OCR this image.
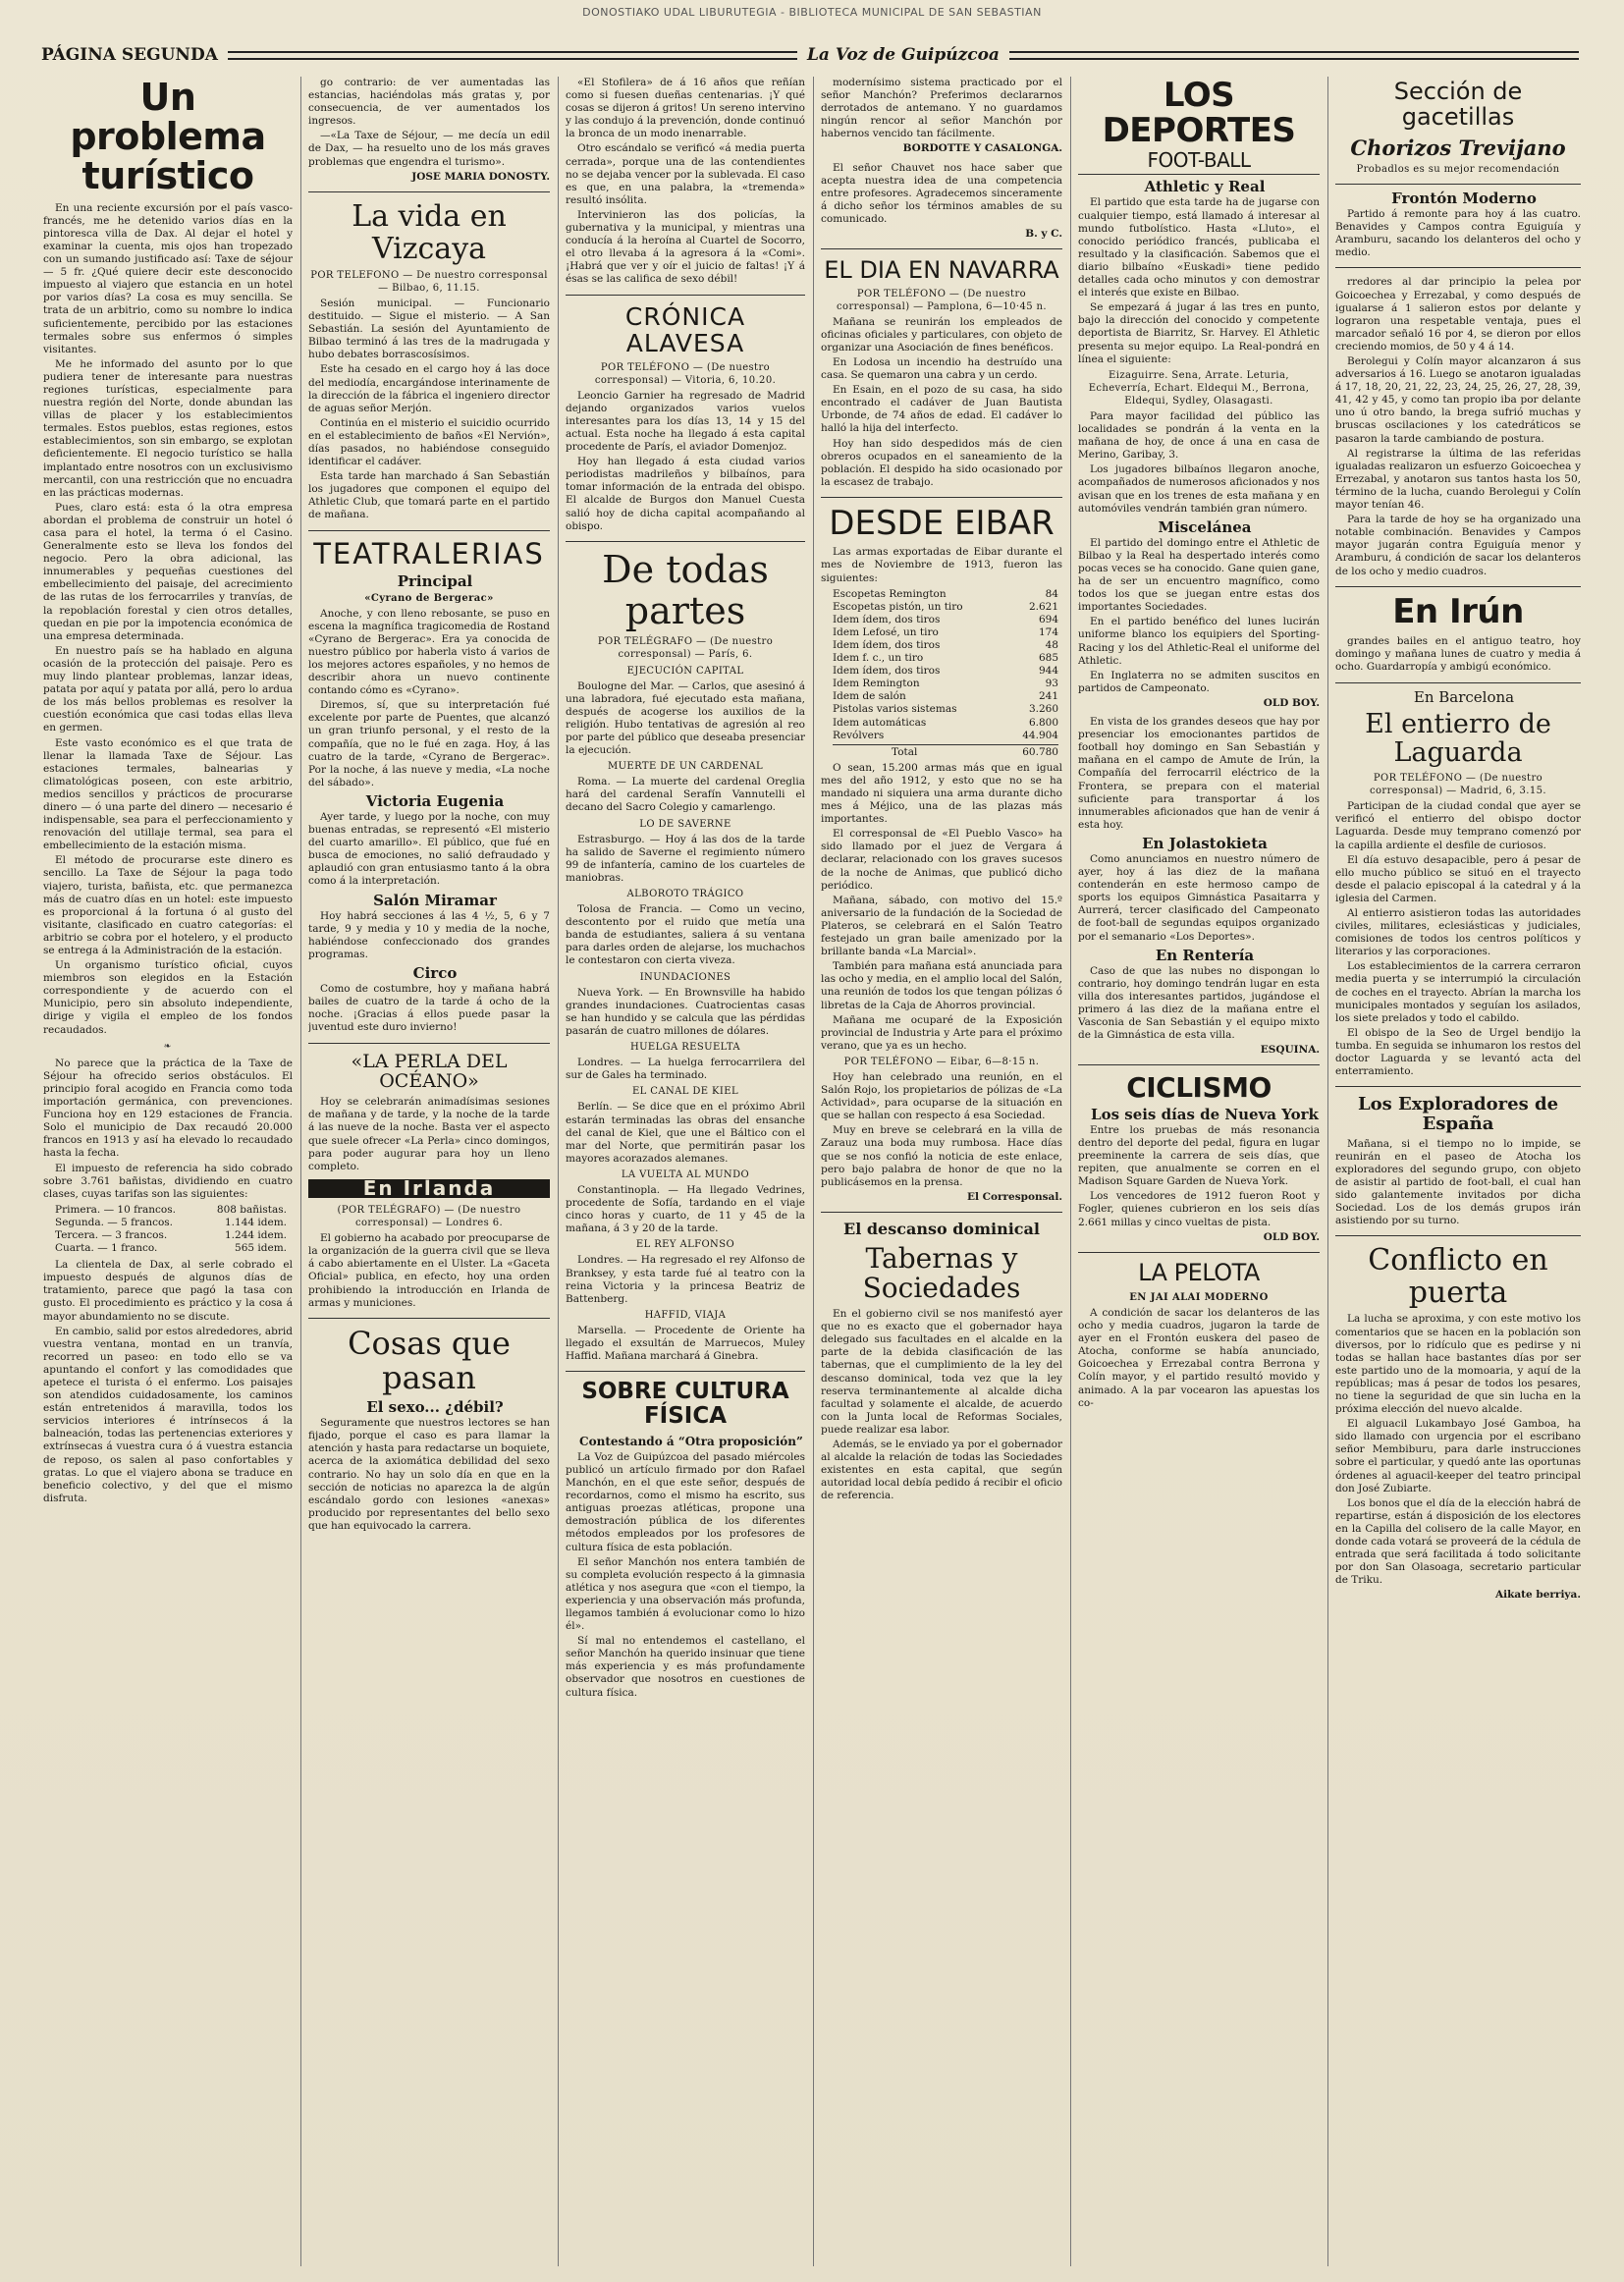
DONOSTIAKO UDAL LIBURUTEGIA - BIBLIOTECA MUNICIPAL DE SAN SEBASTIAN
PÁGINA SEGUNDA	La Voz de Guipúzcoa
Un problema turístico

En una reciente excursión por el país vasco-francés, me he detenido varios días en la pintoresca villa de Dax. Al dejar el hotel y examinar la cuenta, mis ojos han tropezado con un sumando justificado así: Taxe de séjour — 5 fr. ¿Qué quiere decir este desconocido impuesto al viajero que estancia en un hotel por varios días? La cosa es muy sencilla. Se trata de un arbitrio, como su nombre lo indica suficientemente, percibido por las estaciones termales sobre sus enfermos ó simples visitantes.

Me he informado del asunto por lo que pudiera tener de interesante para nuestras regiones turísticas, especialmente para nuestra región del Norte, donde abundan las villas de placer y los establecimientos termales. Estos pueblos, estas regiones, estos establecimientos, son sin embargo, se explotan deficientemente. El negocio turístico se halla implantado entre nosotros con un exclusivismo mercantil, con una restricción que no encuadra en las prácticas modernas.

Pues, claro está: esta ó la otra empresa abordan el problema de construir un hotel ó casa para el hotel, la terma ó el Casino. Generalmente esto se lleva los fondos del negocio. Pero la obra adicional, las innumerables y pequeñas cuestiones del embellecimiento del paisaje, del acrecimiento de las rutas de los ferrocarriles y tranvías, de la repoblación forestal y cien otros detalles, quedan en pie por la impotencia económica de una empresa determinada.

En nuestro país se ha hablado en alguna ocasión de la protección del paisaje. Pero es muy lindo plantear problemas, lanzar ideas, patata por aquí y patata por allá, pero lo ardua de los más bellos problemas es resolver la cuestión económica que casi todas ellas lleva en germen.

Este vasto económico es el que trata de llenar la llamada Taxe de Séjour. Las estaciones termales, balnearias y climatológicas poseen, con este arbitrio, medios sencillos y prácticos de procurarse dinero — ó una parte del dinero — necesario é indispensable, sea para el perfeccionamiento y renovación del utillaje termal, sea para el embellecimiento de la estación misma.

El método de procurarse este dinero es sencillo. La Taxe de Séjour la paga todo viajero, turista, bañista, etc. que permanezca más de cuatro días en un hotel: este impuesto es proporcional á la fortuna ó al gusto del visitante, clasificado en cuatro categorías: el arbitrio se cobra por el hotelero, y el producto se entrega á la Administración de la estación.

Un organismo turístico oficial, cuyos miembros son elegidos en la Estación correspondiente y de acuerdo con el Municipio, pero sin absoluto independiente, dirige y vigila el empleo de los fondos recaudados.

❧

No parece que la práctica de la Taxe de Séjour ha ofrecido serios obstáculos. El principio foral acogido en Francia como toda importación germánica, con prevenciones. Funciona hoy en 129 estaciones de Francia. Solo el municipio de Dax recaudó 20.000 francos en 1913 y así ha elevado lo recaudado hasta la fecha.

El impuesto de referencia ha sido cobrado sobre 3.761 bañistas, dividiendo en cuatro clases, cuyas tarifas son las siguientes:

Primera. — 10 francos.	808 bañistas.
Segunda. — 5 francos.	1.144 idem.
Tercera. — 3 francos.	1.244 idem.
Cuarta. — 1 franco.	565 idem.

La clientela de Dax, al serle cobrado el impuesto después de algunos días de tratamiento, parece que pagó la tasa con gusto. El procedimiento es práctico y la cosa á mayor abundamiento no se discute.

En cambio, salid por estos alrededores, abrid vuestra ventana, montad en un tranvía, recorred un paseo: en todo ello se va apuntando el confort y las comodidades que apetece el turista ó el enfermo. Los paisajes son atendidos cuidadosamente, los caminos están entretenidos á maravilla, todos los servicios interiores é intrínsecos á la balneación, todas las pertenencias exteriores y extrínsecas á vuestra cura ó á vuestra estancia de reposo, os salen al paso confortables y gratas. Lo que el viajero abona se traduce en beneficio colectivo, y del que el mismo disfruta.

go contrario: de ver aumentadas las estancias, haciéndolas más gratas y, por consecuencia, de ver aumentados los ingresos.

—«La Taxe de Séjour, — me decía un edil de Dax, — ha resuelto uno de los más graves problemas que engendra el turismo».

JOSE MARIA DONOSTY.

La vida en Vizcaya

POR TELEFONO — De nuestro corresponsal — Bilbao, 6, 11.15.

Sesión municipal. — Funcionario destituido. — Sigue el misterio. — A San Sebastián. La sesión del Ayuntamiento de Bilbao terminó á las tres de la madrugada y hubo debates borrascosísimos.

Este ha cesado en el cargo hoy á las doce del mediodía, encargándose interinamente de la dirección de la fábrica el ingeniero director de aguas señor Merjón.

Continúa en el misterio el suicidio ocurrido en el establecimiento de baños «El Nervión», días pasados, no habiéndose conseguido identificar el cadáver.

Esta tarde han marchado á San Sebastián los jugadores que componen el equipo del Athletic Club, que tomará parte en el partido de mañana.

TEATRALERIAS

Principal

«Cyrano de Bergerac»

Anoche, y con lleno rebosante, se puso en escena la magnífica tragicomedia de Rostand «Cyrano de Bergerac». Era ya conocida de nuestro público por haberla visto á varios de los mejores actores españoles, y no hemos de describir ahora un nuevo continente contando cómo es «Cyrano».

Diremos, sí, que su interpretación fué excelente por parte de Puentes, que alcanzó un gran triunfo personal, y el resto de la compañía, que no le fué en zaga. Hoy, á las cuatro de la tarde, «Cyrano de Bergerac». Por la noche, á las nueve y media, «La noche del sábado».

Victoria Eugenia

Ayer tarde, y luego por la noche, con muy buenas entradas, se representó «El misterio del cuarto amarillo». El público, que fué en busca de emociones, no salió defraudado y aplaudió con gran entusiasmo tanto á la obra como á la interpretación.

Salón Miramar

Hoy habrá secciones á las 4 ½, 5, 6 y 7 tarde, 9 y media y 10 y media de la noche, habiéndose confeccionado dos grandes programas.

Circo

Como de costumbre, hoy y mañana habrá bailes de cuatro de la tarde á ocho de la noche. ¡Gracias á ellos puede pasar la juventud este duro invierno!

«LA PERLA DEL OCÉANO»

Hoy se celebrarán animadísimas sesiones de mañana y de tarde, y la noche de la tarde á las nueve de la noche. Basta ver el aspecto que suele ofrecer «La Perla» cinco domingos, para poder augurar para hoy un lleno completo.

En Irlanda

(POR TELÉGRAFO) — (De nuestro corresponsal) — Londres 6.

El gobierno ha acabado por preocuparse de la organización de la guerra civil que se lleva á cabo abiertamente en el Ulster. La «Gaceta Oficial» publica, en efecto, hoy una orden prohibiendo la introducción en Irlanda de armas y municiones.

Cosas que pasan

El sexo... ¿débil?

Seguramente que nuestros lectores se han fijado, porque el caso es para llamar la atención y hasta para redactarse un boquiete, acerca de la axiomática debilidad del sexo contrario. No hay un solo día en que en la sección de noticias no aparezca la de algún escándalo gordo con lesiones «anexas» producido por representantes del bello sexo que han equivocado la carrera.

«El Stofilera» de á 16 años que reñían como si fuesen dueñas centenarias. ¡Y qué cosas se dijeron á gritos! Un sereno intervino y las condujo á la prevención, donde continuó la bronca de un modo inenarrable.

Otro escándalo se verificó «á media puerta cerrada», porque una de las contendientes no se dejaba vencer por la sublevada. El caso es que, en una palabra, la «tremenda» resultó insólita.

Intervinieron las dos policías, la gubernativa y la municipal, y mientras una conducía á la heroína al Cuartel de Socorro, el otro llevaba á la agresora á la «Comi». ¡Habrá que ver y oír el juicio de faltas! ¡Y á ésas se las califica de sexo débil!

CRÓNICA ALAVESA

POR TELÉFONO — (De nuestro corresponsal) — Vitoria, 6, 10.20.

Leoncio Garnier ha regresado de Madrid dejando organizados varios vuelos interesantes para los días 13, 14 y 15 del actual. Esta noche ha llegado á esta capital procedente de París, el aviador Domenjoz.

Hoy han llegado á esta ciudad varios periodistas madrileños y bilbaínos, para tomar información de la entrada del obispo. El alcalde de Burgos don Manuel Cuesta salió hoy de dicha capital acompañando al obispo.

De todas partes

POR TELÉGRAFO — (De nuestro corresponsal) — París, 6.

EJECUCIÓN CAPITAL

Boulogne del Mar. — Carlos, que asesinó á una labradora, fué ejecutado esta mañana, después de acogerse los auxilios de la religión. Hubo tentativas de agresión al reo por parte del público que deseaba presenciar la ejecución.

MUERTE DE UN CARDENAL

Roma. — La muerte del cardenal Oreglia hará del cardenal Serafín Vannutelli el decano del Sacro Colegio y camarlengo.

LO DE SAVERNE

Estrasburgo. — Hoy á las dos de la tarde ha salido de Saverne el regimiento número 99 de infantería, camino de los cuarteles de maniobras.

ALBOROTO TRÁGICO

Tolosa de Francia. — Como un vecino, descontento por el ruido que metía una banda de estudiantes, saliera á su ventana para darles orden de alejarse, los muchachos le contestaron con cierta viveza.

INUNDACIONES

Nueva York. — En Brownsville ha habido grandes inundaciones. Cuatrocientas casas se han hundido y se calcula que las pérdidas pasarán de cuatro millones de dólares.

HUELGA RESUELTA

Londres. — La huelga ferrocarrilera del sur de Gales ha terminado.

EL CANAL DE KIEL

Berlín. — Se dice que en el próximo Abril estarán terminadas las obras del ensanche del canal de Kiel, que une el Báltico con el mar del Norte, que permitirán pasar los mayores acorazados alemanes.

LA VUELTA AL MUNDO

Constantinopla. — Ha llegado Vedrines, procedente de Sofía, tardando en el viaje cinco horas y cuarto, de 11 y 45 de la mañana, á 3 y 20 de la tarde.

EL REY ALFONSO

Londres. — Ha regresado el rey Alfonso de Branksey, y esta tarde fué al teatro con la reina Victoria y la princesa Beatriz de Battenberg.

HAFFID, VIAJA

Marsella. — Procedente de Oriente ha llegado el exsultán de Marruecos, Muley Haffid. Mañana marchará á Ginebra.

SOBRE CULTURA FÍSICA

Contestando á “Otra proposición”

La Voz de Guipúzcoa del pasado miércoles publicó un artículo firmado por don Rafael Manchón, en el que este señor, después de recordarnos, como el mismo ha escrito, sus antiguas proezas atléticas, propone una demostración pública de los diferentes métodos empleados por los profesores de cultura física de esta población.

El señor Manchón nos entera también de su completa evolución respecto á la gimnasia atlética y nos asegura que «con el tiempo, la experiencia y una observación más profunda, llegamos también á evolucionar como lo hizo él».

Sí mal no entendemos el castellano, el señor Manchón ha querido insinuar que tiene más experiencia y es más profundamente observador que nosotros en cuestiones de cultura física.

modernísimo sistema practicado por el señor Manchón? Preferimos declararnos derrotados de antemano. Y no guardamos ningún rencor al señor Manchón por habernos vencido tan fácilmente.

BORDOTTE Y CASALONGA.

El señor Chauvet nos hace saber que acepta nuestra idea de una competencia entre profesores. Agradecemos sinceramente á dicho señor los términos amables de su comunicado.

B. y C.

EL DIA EN NAVARRA

POR TELÉFONO — (De nuestro corresponsal) — Pamplona, 6—10·45 n.

Mañana se reunirán los empleados de oficinas oficiales y particulares, con objeto de organizar una Asociación de fines benéficos.

En Lodosa un incendio ha destruído una casa. Se quemaron una cabra y un cerdo.

En Esain, en el pozo de su casa, ha sido encontrado el cadáver de Juan Bautista Urbonde, de 74 años de edad. El cadáver lo halló la hija del interfecto.

Hoy han sido despedidos más de cien obreros ocupados en el saneamiento de la población. El despido ha sido ocasionado por la escasez de trabajo.

DESDE EIBAR

Las armas exportadas de Eibar durante el mes de Noviembre de 1913, fueron las siguientes:

Escopetas Remington	84
Escopetas pistón, un tiro	2.621
Idem ídem, dos tiros	694
Idem Lefosé, un tiro	174
Idem ídem, dos tiros	48
Idem f. c., un tiro	685
Idem ídem, dos tiros	944
Idem Remington	93
Idem de salón	241
Pistolas varios sistemas	3.260
Idem automáticas	6.800
Revólvers	44.904
Total	60.780

O sean, 15.200 armas más que en igual mes del año 1912, y esto que no se ha mandado ni siquiera una arma durante dicho mes á Méjico, una de las plazas más importantes.

El corresponsal de «El Pueblo Vasco» ha sido llamado por el juez de Vergara á declarar, relacionado con los graves sucesos de la noche de Animas, que publicó dicho periódico.

Mañana, sábado, con motivo del 15.º aniversario de la fundación de la Sociedad de Plateros, se celebrará en el Salón Teatro festejado un gran baile amenizado por la brillante banda «La Marcial».

También para mañana está anunciada para las ocho y media, en el amplio local del Salón, una reunión de todos los que tengan pólizas ó libretas de la Caja de Ahorros provincial.

Mañana me ocuparé de la Exposición provincial de Industria y Arte para el próximo verano, que ya es un hecho.

POR TELÉFONO — Eibar, 6—8·15 n.

Hoy han celebrado una reunión, en el Salón Rojo, los propietarios de pólizas de «La Actividad», para ocuparse de la situación en que se hallan con respecto á esa Sociedad.

Muy en breve se celebrará en la villa de Zarauz una boda muy rumbosa. Hace días que se nos confió la noticia de este enlace, pero bajo palabra de honor de que no la publicásemos en la prensa.

El Corresponsal.

El descanso dominical
Tabernas y Sociedades

En el gobierno civil se nos manifestó ayer que no es exacto que el gobernador haya delegado sus facultades en el alcalde en la parte de la debida clasificación de las tabernas, que el cumplimiento de la ley del descanso dominical, toda vez que la ley reserva terminantemente al alcalde dicha facultad y solamente el alcalde, de acuerdo con la Junta local de Reformas Sociales, puede realizar esa labor.

Además, se le enviado ya por el gobernador al alcalde la relación de todas las Sociedades existentes en esta capital, que según autoridad local debía pedido á recibir el oficio de referencia.

LOS DEPORTES
FOOT-BALL

Athletic y Real

El partido que esta tarde ha de jugarse con cualquier tiempo, está llamado á interesar al mundo futbolístico. Hasta «Lluto», el conocido periódico francés, publicaba el resultado y la clasificación. Sabemos que el diario bilbaíno «Euskadi» tiene pedido detalles cada ocho minutos y con demostrar el interés que existe en Bilbao.

Se empezará á jugar á las tres en punto, bajo la dirección del conocido y competente deportista de Biarritz, Sr. Harvey. El Athletic presenta su mejor equipo. La Real-pondrá en línea el siguiente:

Eizaguirre. Sena, Arrate. Leturia, Echeverría, Echart. Eldequi M., Berrona, Eldequi, Sydley, Olasagasti.

Para mayor facilidad del público las localidades se pondrán á la venta en la mañana de hoy, de once á una en casa de Merino, Garibay, 3.

Los jugadores bilbaínos llegaron anoche, acompañados de numerosos aficionados y nos avisan que en los trenes de esta mañana y en automóviles vendrán también gran número.

Miscelánea

El partido del domingo entre el Athletic de Bilbao y la Real ha despertado interés como pocas veces se ha conocido. Gane quien gane, ha de ser un encuentro magnífico, como todos los que se juegan entre estas dos importantes Sociedades.

En el partido benéfico del lunes lucirán uniforme blanco los equipiers del Sporting-Racing y los del Athletic-Real el uniforme del Athletic.

En Inglaterra no se admiten suscitos en partidos de Campeonato.

OLD BOY.

En vista de los grandes deseos que hay por presenciar los emocionantes partidos de football hoy domingo en San Sebastián y mañana en el campo de Amute de Irún, la Compañía del ferrocarril eléctrico de la Frontera, se prepara con el material suficiente para transportar á los innumerables aficionados que han de venir á esta hoy.

En Jolastokieta

Como anunciamos en nuestro número de ayer, hoy á las diez de la mañana contenderán en este hermoso campo de sports los equipos Gimnástica Pasaitarra y Aurrerá, tercer clasificado del Campeonato de foot-ball de segundas equipos organizado por el semanario «Los Deportes».

En Rentería

Caso de que las nubes no dispongan lo contrario, hoy domingo tendrán lugar en esta villa dos interesantes partidos, jugándose el primero á las diez de la mañana entre el Vasconia de San Sebastián y el equipo mixto de la Gimnástica de esta villa.

ESQUINA.

CICLISMO

Los seis días de Nueva York

Entre los pruebas de más resonancia dentro del deporte del pedal, figura en lugar preeminente la carrera de seis días, que repiten, que anualmente se corren en el Madison Square Garden de Nueva York.

Los vencedores de 1912 fueron Root y Fogler, quienes cubrieron en los seis días 2.661 millas y cinco vueltas de pista.

OLD BOY.

LA PELOTA

EN JAI ALAI MODERNO

A condición de sacar los delanteros de las ocho y media cuadros, jugaron la tarde de ayer en el Frontón euskera del paseo de Atocha, conforme se había anunciado, Goicoechea y Errezabal contra Berrona y Colín mayor, y el partido resultó movido y animado. A la par vocearon las apuestas los co-

Sección de gacetillas
Chorizos Trevijano

Probadlos es su mejor recomendación

Frontón Moderno

Partido á remonte para hoy á las cuatro. Benavides y Campos contra Eguiguía y Aramburu, sacando los delanteros del ocho y medio.

rredores al dar principio la pelea por Goicoechea y Errezabal, y como después de igualarse á 1 salieron estos por delante y lograron una respetable ventaja, pues el marcador señaló 16 por 4, se dieron por ellos creciendo momios, de 50 y 4 á 14.

Berolegui y Colín mayor alcanzaron á sus adversarios á 16. Luego se anotaron igualadas á 17, 18, 20, 21, 22, 23, 24, 25, 26, 27, 28, 39, 41, 42 y 45, y como tan propio iba por delante uno ú otro bando, la brega sufrió muchas y bruscas oscilaciones y los catedráticos se pasaron la tarde cambiando de postura.

Al registrarse la última de las referidas igualadas realizaron un esfuerzo Goicoechea y Errezabal, y anotaron sus tantos hasta los 50, término de la lucha, cuando Berolegui y Colín mayor tenían 46.

Para la tarde de hoy se ha organizado una notable combinación. Benavides y Campos mayor jugarán contra Eguiguía menor y Aramburu, á condición de sacar los delanteros de los ocho y medio cuadros.

En Irún

grandes bailes en el antiguo teatro, hoy domingo y mañana lunes de cuatro y media á ocho. Guardarropía y ambigú económico.

En Barcelona

El entierro de Laguarda

POR TELÉFONO — (De nuestro corresponsal) — Madrid, 6, 3.15.

Participan de la ciudad condal que ayer se verificó el entierro del obispo doctor Laguarda. Desde muy temprano comenzó por la capilla ardiente el desfile de curiosos.

El día estuvo desapacible, pero á pesar de ello mucho público se situó en el trayecto desde el palacio episcopal á la catedral y á la iglesia del Carmen.

Al entierro asistieron todas las autoridades civiles, militares, eclesiásticas y judiciales, comisiones de todos los centros políticos y literarios y las corporaciones.

Los establecimientos de la carrera cerraron media puerta y se interrumpió la circulación de coches en el trayecto. Abrían la marcha los municipales montados y seguían los asilados, los siete prelados y todo el cabildo.

El obispo de la Seo de Urgel bendijo la tumba. En seguida se inhumaron los restos del doctor Laguarda y se levantó acta del enterramiento.

Los Exploradores de España

Mañana, si el tiempo no lo impide, se reunirán en el paseo de Atocha los exploradores del segundo grupo, con objeto de asistir al partido de foot-ball, el cual han sido galantemente invitados por dicha Sociedad. Los de los demás grupos irán asistiendo por su turno.

Conflicto en puerta

La lucha se aproxima, y con este motivo los comentarios que se hacen en la población son diversos, por lo ridículo que es pedirse y ni todas se hallan hace bastantes días por ser este partido uno de la momoaria, y aquí de la repúblicas; mas á pesar de todos los pesares, no tiene la seguridad de que sin lucha en la próxima elección del nuevo alcalde.

El alguacil Lukambayo José Gamboa, ha sido llamado con urgencia por el escribano señor Membiburu, para darle instrucciones sobre el particular, y quedó ante las oportunas órdenes al aguacil-keeper del teatro principal don José Zubiarte.

Los bonos que el día de la elección habrá de repartirse, están á disposición de los electores en la Capilla del colisero de la calle Mayor, en donde cada votará se proveerá de la cédula de entrada que será facilitada á todo solicitante por don San Olasoaga, secretario particular de Triku.

Aikate berriya.
